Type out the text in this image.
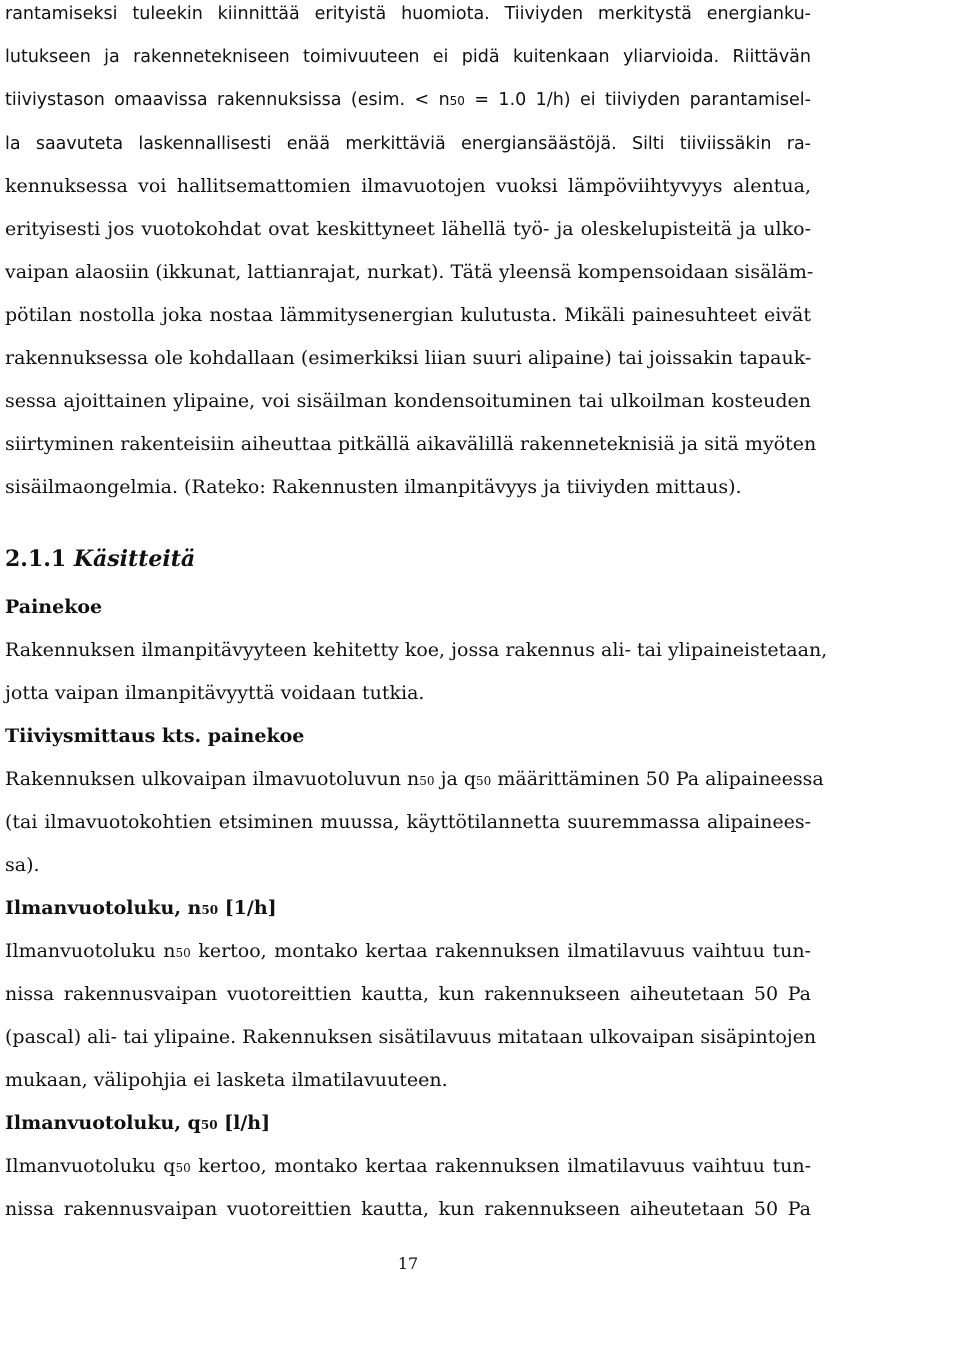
rantamiseksi tuleekin kiinnittää erityistä huomiota. Tiiviyden merkitystä energianku-
lutukseen ja rakennetekniseen toimivuuteen ei pidä kuitenkaan yliarvioida. Riittävän
tiiviystason omaavissa rakennuksissa (esim. < n50 = 1.0 1/h) ei tiiviyden parantamisel-
la saavuteta laskennallisesti enää merkittäviä energiansäästöjä. Silti tiiviissäkin ra-
kennuksessa voi hallitsemattomien ilmavuotojen vuoksi lämpöviihtyvyys alentua,
erityisesti jos vuotokohdat ovat keskittyneet lähellä työ- ja oleskelupisteitä ja ulko-
vaipan alaosiin (ikkunat, lattianrajat, nurkat). Tätä yleensä kompensoidaan sisäläm-
pötilan nostolla joka nostaa lämmitysenergian kulutusta. Mikäli painesuhteet eivät
rakennuksessa ole kohdallaan (esimerkiksi liian suuri alipaine) tai joissakin tapauk-
sessa ajoittainen ylipaine, voi sisäilman kondensoituminen tai ulkoilman kosteuden
siirtyminen rakenteisiin aiheuttaa pitkällä aikavälillä rakenneteknisiä ja sitä myöten
sisäilmaongelmia. (Rateko: Rakennusten ilmanpitävyys ja tiiviyden mittaus).
2.1.1 Käsitteitä
Painekoe
Rakennuksen ilmanpitävyyteen kehitetty koe, jossa rakennus ali- tai ylipaineistetaan,
jotta vaipan ilmanpitävyyttä voidaan tutkia.
Tiiviysmittaus kts. painekoe
Rakennuksen ulkovaipan ilmavuotoluvun n50 ja q50 määrittäminen 50 Pa alipaineessa
(tai ilmavuotokohtien etsiminen muussa, käyttötilannetta suuremmassa alipainees-
sa).
Ilmanvuotoluku, n50 [1/h]
Ilmanvuotoluku n50 kertoo, montako kertaa rakennuksen ilmatilavuus vaihtuu tun-
nissa rakennusvaipan vuotoreittien kautta, kun rakennukseen aiheutetaan 50 Pa
(pascal) ali- tai ylipaine. Rakennuksen sisätilavuus mitataan ulkovaipan sisäpintojen
mukaan, välipohjia ei lasketa ilmatilavuuteen.
Ilmanvuotoluku, q50 [l/h]
Ilmanvuotoluku q50 kertoo, montako kertaa rakennuksen ilmatilavuus vaihtuu tun-
nissa rakennusvaipan vuotoreittien kautta, kun rakennukseen aiheutetaan 50 Pa
17
